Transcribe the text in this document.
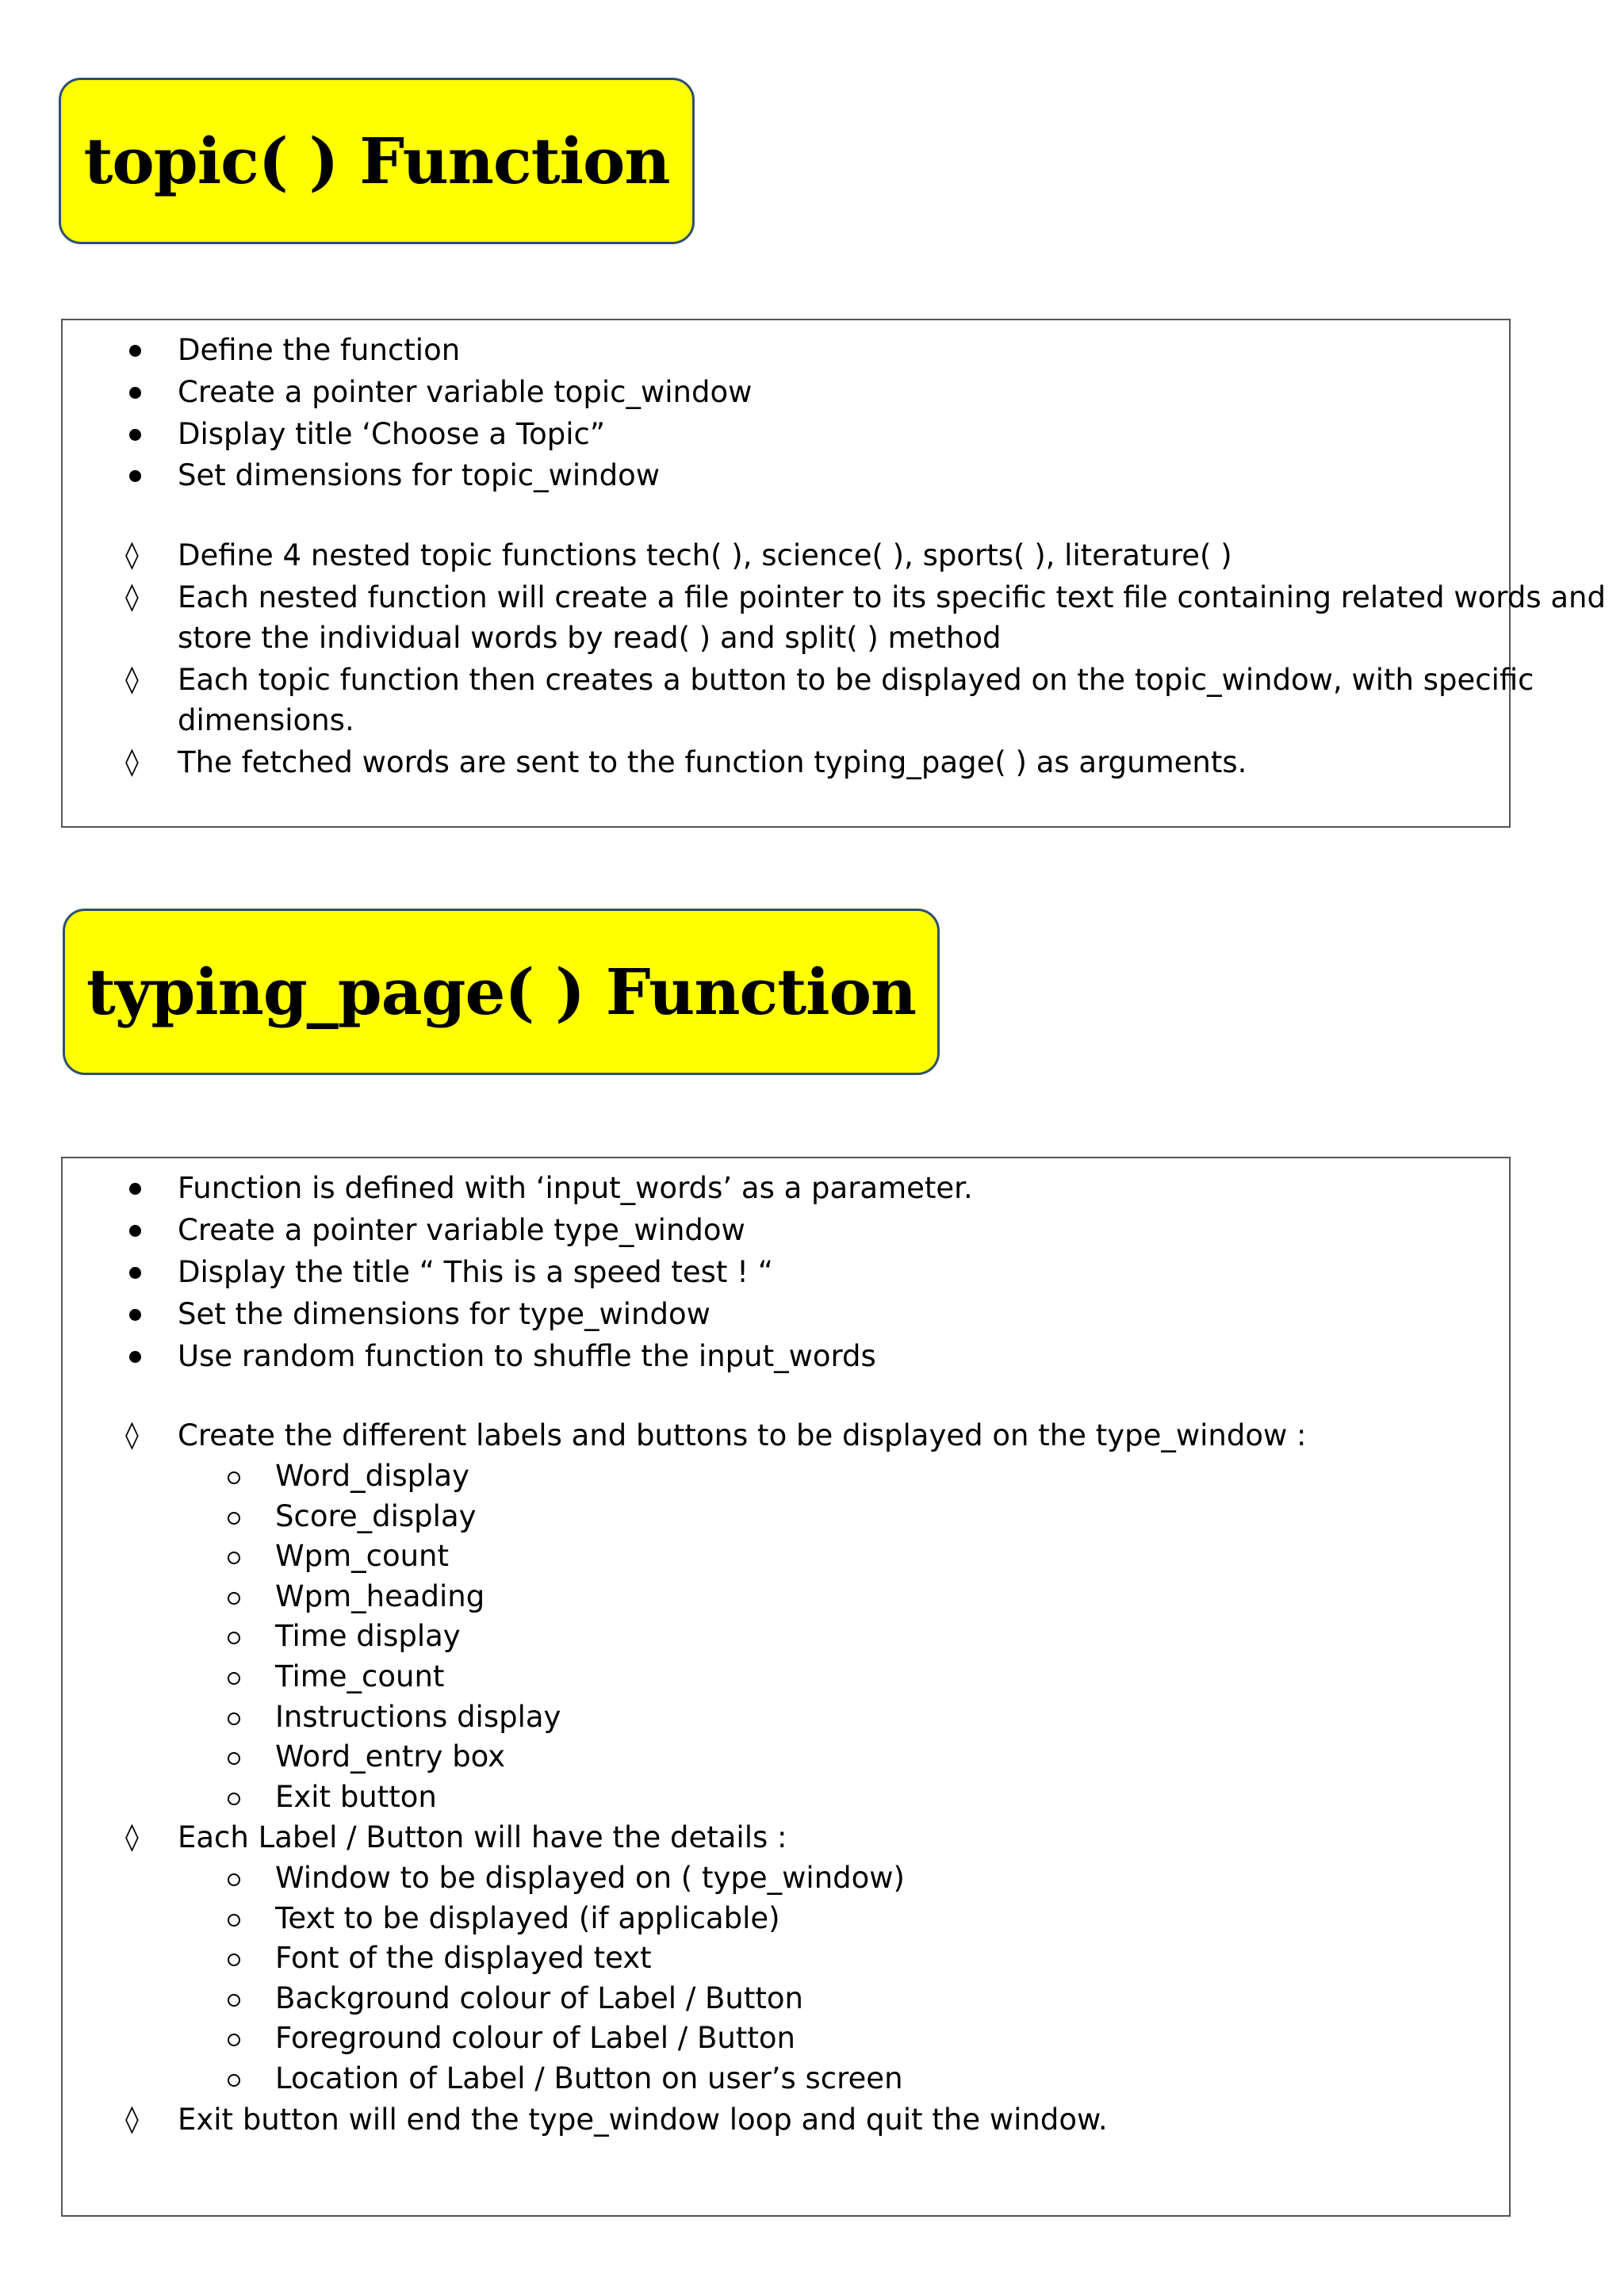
topic( ) Function
Define the function
Create a pointer variable topic_window
Display title ‘Choose a Topic”
Set dimensions for topic_window
◊ Define 4 nested topic functions tech( ), science( ), sports( ), literature( )
◊ Each nested function will create a file pointer to its specific text file containing related words and
store the individual words by read( ) and split( ) method
◊ Each topic function then creates a button to be displayed on the topic_window, with specific
dimensions.
◊ The fetched words are sent to the function typing_page( ) as arguments.
typing_page( ) Function
Function is defined with ‘input_words’ as a parameter.
Create a pointer variable type_window
Display the title “ This is a speed test ! “
Set the dimensions for type_window
Use random function to shuffle the input_words
◊ Create the different labels and buttons to be displayed on the type_window :
Word_display
Score_display
Wpm_count
Wpm_heading
Time display
Time_count
Instructions display
Word_entry box
Exit button
◊ Each Label / Button will have the details :
Window to be displayed on ( type_window)
Text to be displayed (if applicable)
Font of the displayed text
Background colour of Label / Button
Foreground colour of Label / Button
Location of Label / Button on user’s screen
◊ Exit button will end the type_window loop and quit the window.
